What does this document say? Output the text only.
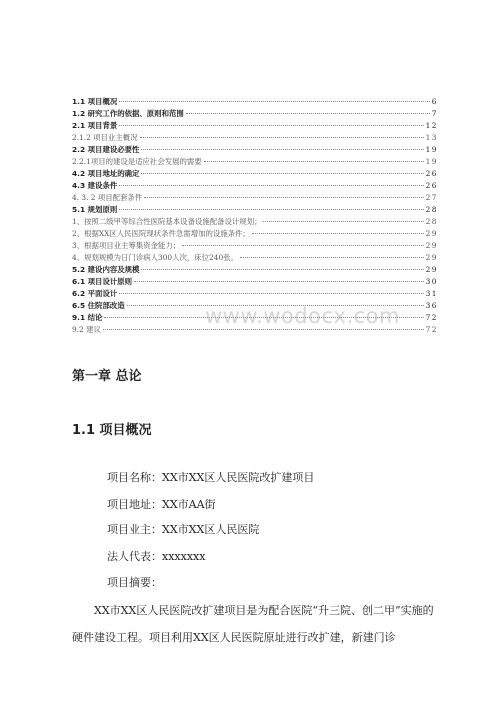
www.wodocx.com
1.1 项目概况	6
1.2 研究工作的依据、原则和范围	7
2.1 项目背景	12
2.1.2 项目业主概况	13
2.2 项目建设必要性	19
2.2.1项目的建设是适应社会发展的需要	19
4.2 项目地址的确定	26
4.3 建设条件	26
4. 3. 2 项目配套条件	27
5.1 规划原则	28
1、按照二级甲等综合性医院基本设备设施配备设计规划；	28
2、根据XX区人民医院现状条件急需增加的设施条件；	29
3、根据项目业主筹集资金能力；	29
4、规划规模为日门诊病人300人次，床位240张。	29
5.2 建设内容及规模	29
6.1 项目设计原则	30
6.2 平面设计	31
6.5 住院部改造	36
9.1 结论	72
9.2 建议	72
第一章 总论
1.1 项目概况
项目名称：XX市XX区人民医院改扩建项目
项目地址：XX市AA街
项目业主：XX市XX区人民医院
法人代表：xxxxxxx
项目摘要：

XX市XX区人民医院改扩建项目是为配合医院“升三院、创二甲”实施的硬件建设工程。项目利用XX区人民医院原址进行改扩建，新建门诊
